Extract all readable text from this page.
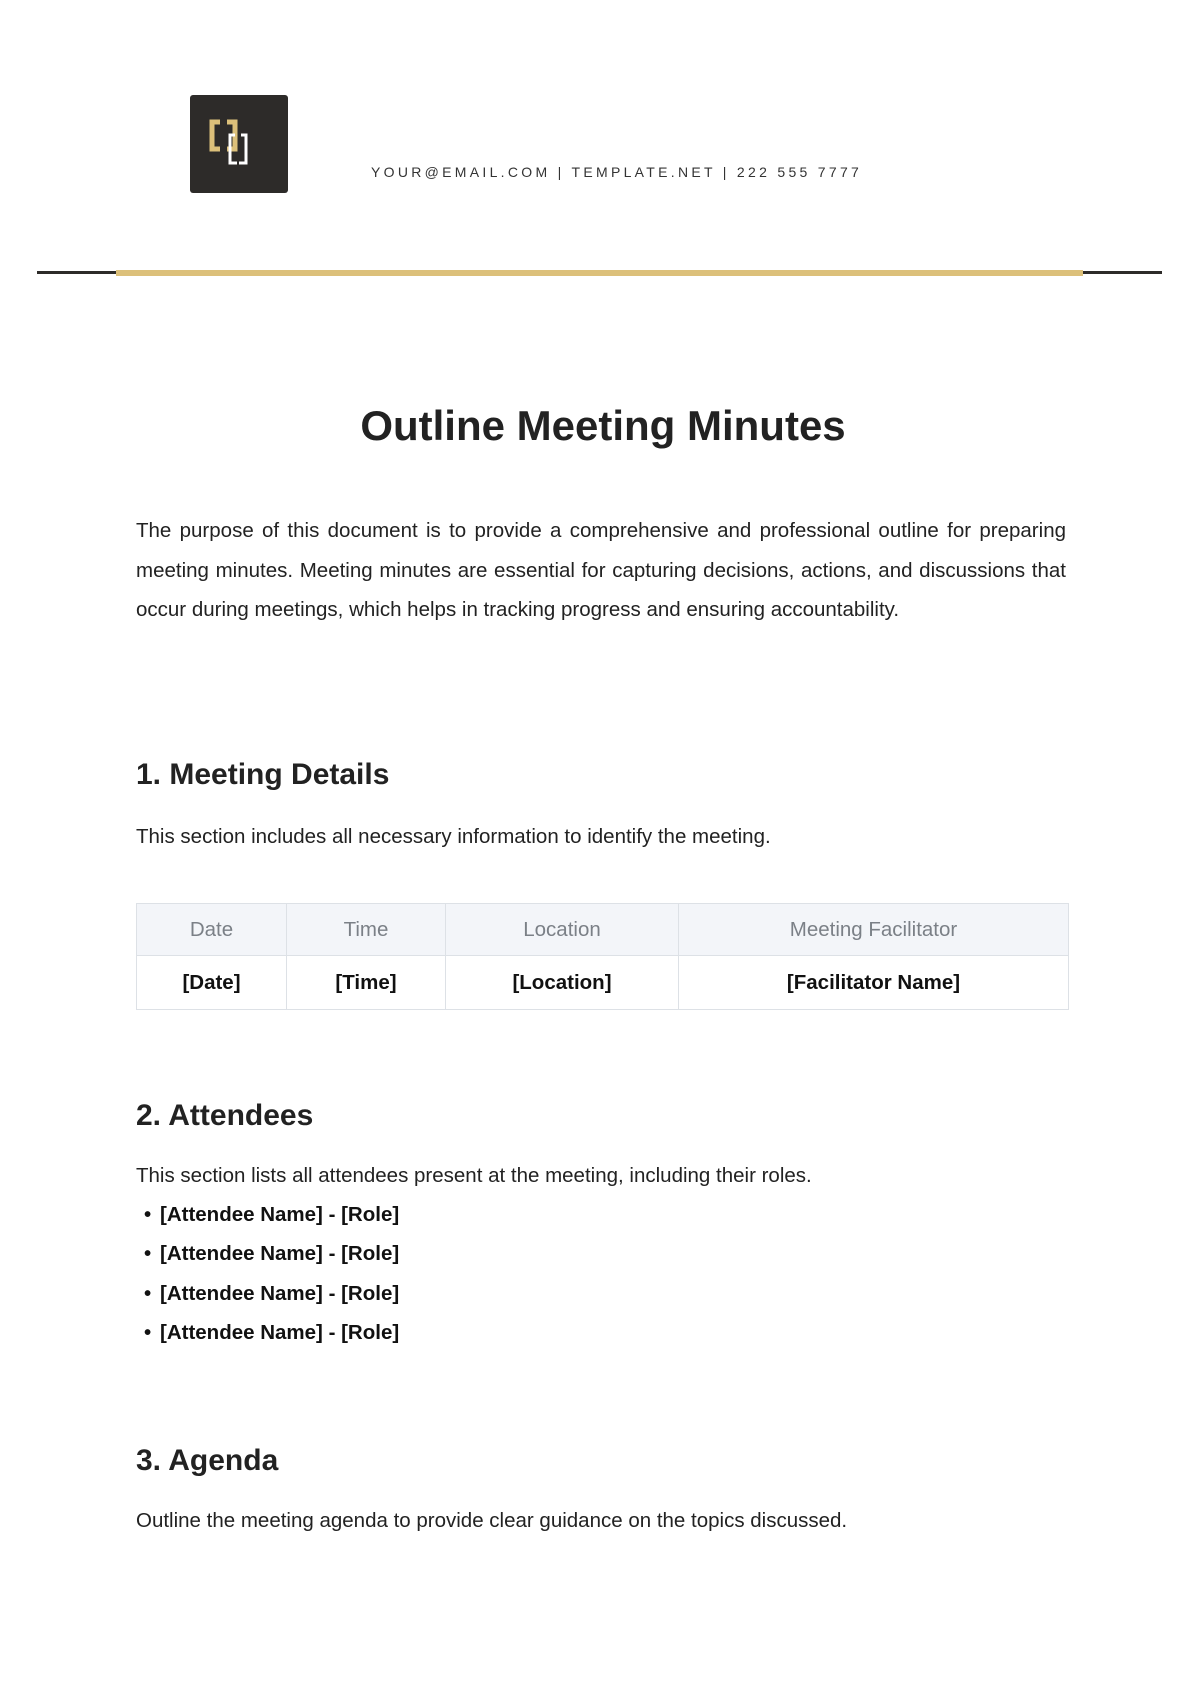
YOUR@EMAIL.COM | TEMPLATE.NET | 222 555 7777
Outline Meeting Minutes
The purpose of this document is to provide a comprehensive and professional outline for preparing meeting minutes. Meeting minutes are essential for capturing decisions, actions, and discussions that occur during meetings, which helps in tracking progress and ensuring accountability.
1. Meeting Details
This section includes all necessary information to identify the meeting.
Date	Time	Location	Meeting Facilitator
[Date]	[Time]	[Location]	[Facilitator Name]
2. Attendees
This section lists all attendees present at the meeting, including their roles.
• [Attendee Name] - [Role]
• [Attendee Name] - [Role]
• [Attendee Name] - [Role]
• [Attendee Name] - [Role]
3. Agenda
Outline the meeting agenda to provide clear guidance on the topics discussed.
